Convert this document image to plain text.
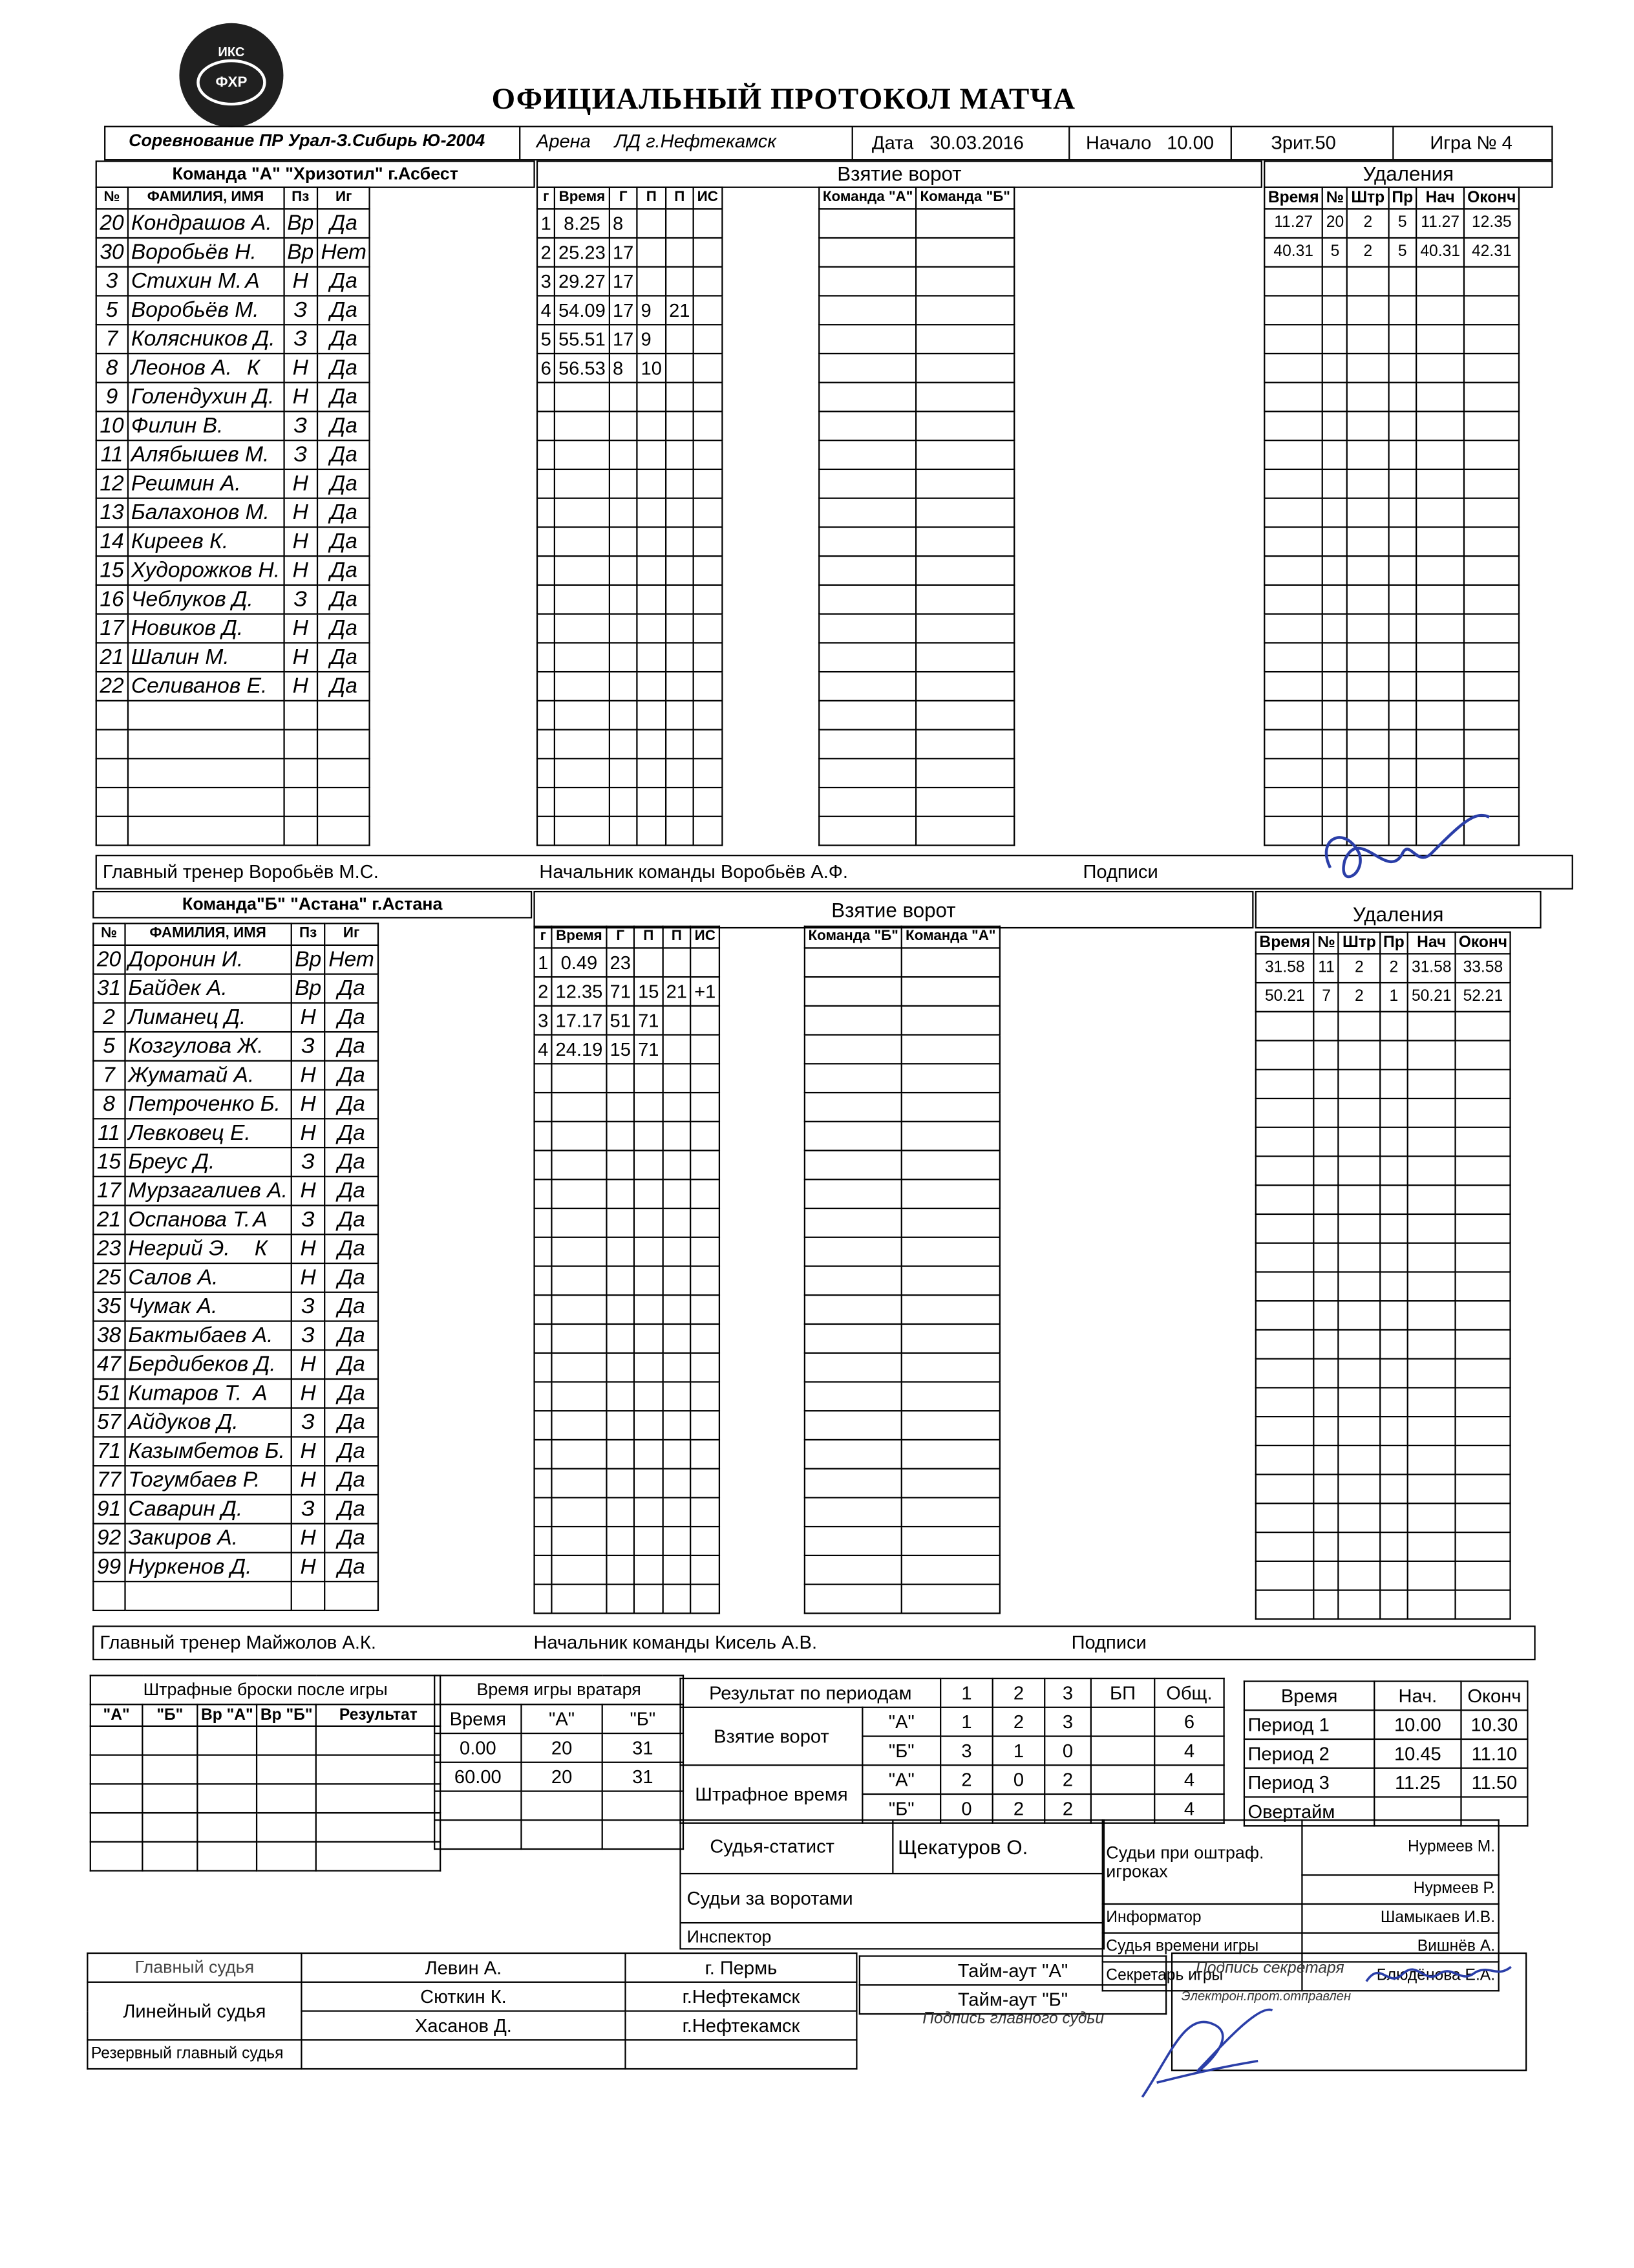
ИКС
ФХР	ОФИЦИАЛЬНЫЙ ПРОТОКОЛ МАТЧА
Соревнование ПР Урал-З.Сибирь Ю-2004	Арена	ЛД г.Нефтекамск	Дата 30.03.2016	Начало 10.00	Зрит.50	Игра № 4
Команда "А" "Хризотил" г.Асбест	Взятие ворот	Удаления
№	ФАМИЛИЯ, ИМЯ	Пз	Иг
20	Кондрашов А.	Вр	Да
30	Воробьёв Н.	Вр	Нет
3	Стихин М. А	Н	Да
5	Воробьёв М.	З	Да
7	Колясников Д.	З	Да
8	Леонов А. К	Н	Да
9	Голендухин Д.	Н	Да
10	Филин В.	З	Да
11	Алябышев М.	З	Да
12	Решмин А.	Н	Да
13	Балахонов М.	Н	Да
14	Киреев К.	Н	Да
15	Худорожков Н.	Н	Да
16	Чеблуков Д.	З	Да
17	Новиков Д.	Н	Да
21	Шалин М.	Н	Да
22	Селиванов Е.	Н	Да

г	Время	Г	П	П	ИС
1	8.25	8			
2	25.23	17			
3	29.27	17			
4	54.09	17	9	21	
5	55.51	17	9		
6	56.53	8	10		

Команда "А"	Команда "Б"

		Время	№	Штр	Пр	Нач	Оконч
11.27	20	2	5	11.27	12.35
40.31	5	2	5	40.31	42.31

Главный тренер Воробьёв М.С.	Начальник команды Воробьёв А.Ф.	Подписи
Команда"Б" "Астана" г.Астана	Взятие ворот	Удаления
№	ФАМИЛИЯ, ИМЯ	Пз	Иг
20	Доронин И.	Вр	Нет
31	Байдек А.	Вр	Да
2	Лиманец Д.	Н	Да
5	Козгулова Ж.	З	Да
7	Жуматай А.	Н	Да
8	Петроченко Б.	Н	Да
11	Левковец Е.	Н	Да
15	Бреус Д.	З	Да
17	Мурзагалиев А.	Н	Да
21	Оспанова Т. А	З	Да
23	Негрий Э. К	Н	Да
25	Салов А.	Н	Да
35	Чумак А.	З	Да
38	Бактыбаев А.	З	Да
47	Бердибеков Д.	Н	Да
51	Китаров Т. А	Н	Да
57	Айдуков Д.	З	Да
71	Казымбетов Б.	Н	Да
77	Тогумбаев Р.	Н	Да
91	Саварин Д.	З	Да
92	Закиров А.	Н	Да
99	Нуркенов Д.	Н	Да

г	Время	Г	П	П	ИС
1	0.49	23			
2	12.35	71	15	21	+1
3	17.17	51	71		
4	24.19	15	71		

Команда "Б"	Команда "А"

		Время	№	Штр	Пр	Нач	Оконч
31.58	11	2	2	31.58	33.58
50.21	7	2	1	50.21	52.21

Главный тренер Майжолов А.К.	Начальник команды Кисель А.В.	Подписи
Штрафные броски после игры				
"А"	"Б"	Вр "А"	Вр "Б"	Результат

Время игры вратаря		
Время	"А"	"Б"
0.00	20	31
60.00	20	31

Результат по периодам		1	2	3	БП	Общ.
Взятие ворот	"А"	1	2	3		6
	"Б"	3	1	0		4
Штрафное время	"А"	2	0	2		4
	"Б"	0	2	2		4
Время	Нач.	Оконч
Период 1	10.00	10.30
Период 2	10.45	11.10
Период 3	11.25	11.50
Овертайм		
Судья-статист	Щекатуров О.
Судьи за воротами
Инспектор
Судьи при оштраф. игроках	Нурмеев М.
	Нурмеев Р.
Информатор	Шамыкаев И.В.
Судья времени игры	Вишнёв А.
Секретарь игры	Блюдёнова Е.А.
Главный судья	Левин А.	г. Пермь
Линейный судья	Сюткин К.	г.Нефтекамск
	Хасанов Д.	г.Нефтекамск
Резервный главный судья		
Тайм-аут "А"
Тайм-аут "Б"
Подпись секретаря
Электрон.прот.отправлен
Подпись главного судьи
